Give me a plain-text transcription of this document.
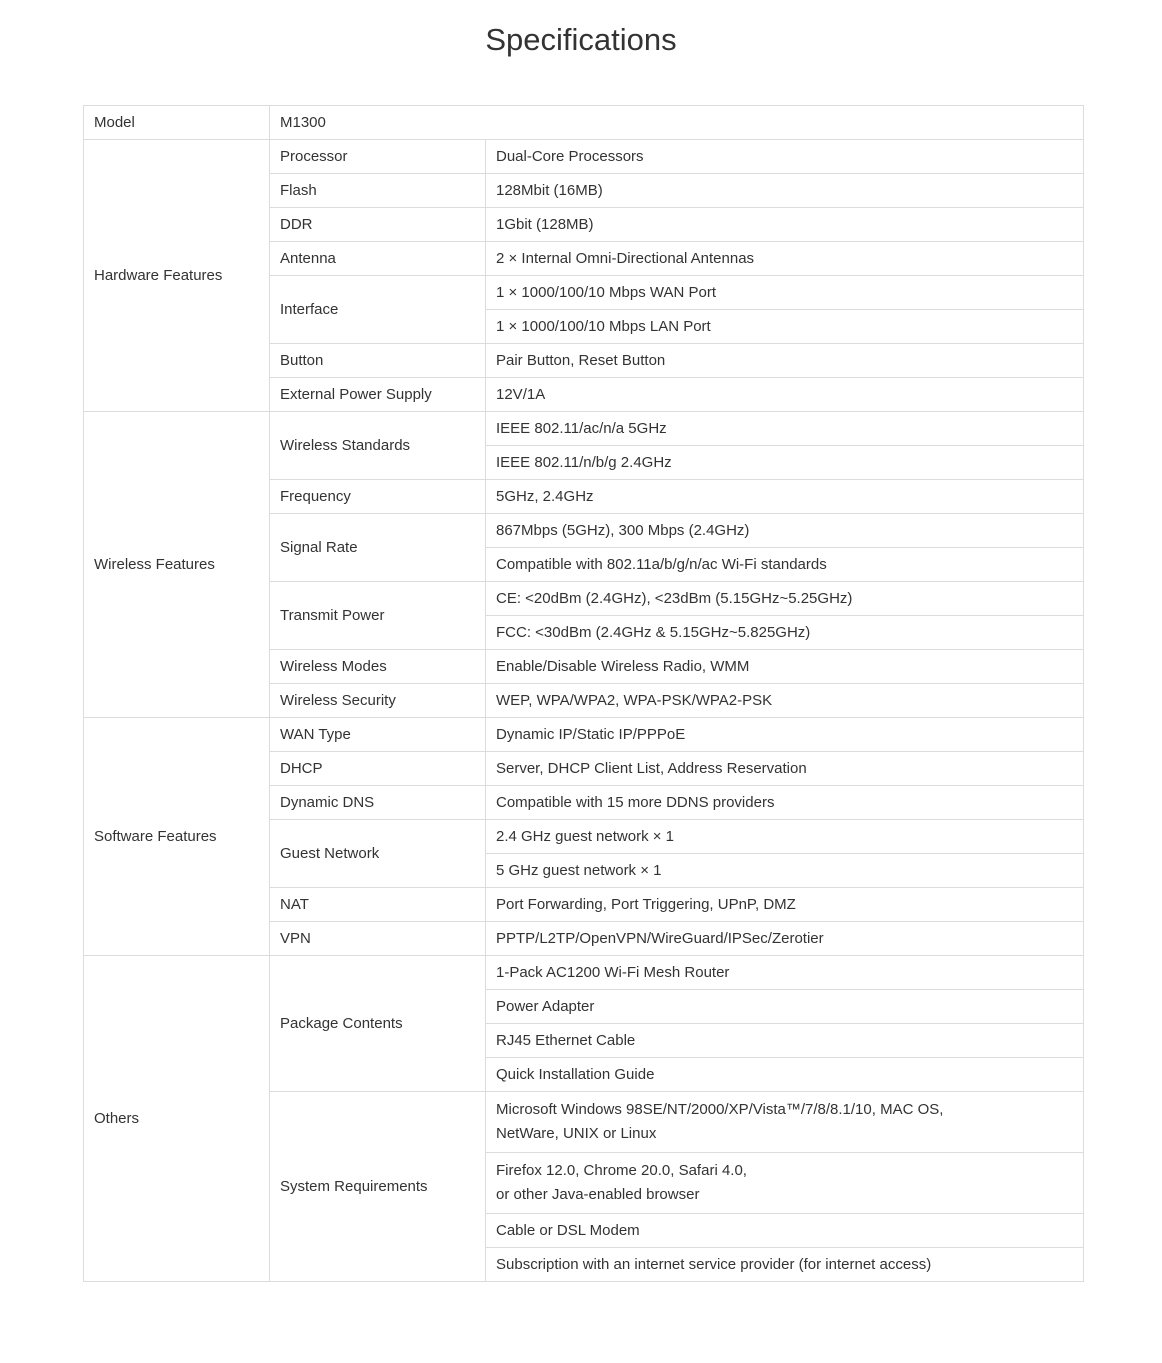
Specifications
Model	M1300	
Hardware Features	Processor	Dual-Core Processors
	Flash	128Mbit (16MB)
	DDR	1Gbit (128MB)
	Antenna	2 × Internal Omni-Directional Antennas
	Interface	1 × 1000/100/10 Mbps WAN Port
		1 × 1000/100/10 Mbps LAN Port
	Button	Pair Button, Reset Button
	External Power Supply	12V/1A
Wireless Features	Wireless Standards	IEEE 802.11/ac/n/a 5GHz
		IEEE 802.11/n/b/g 2.4GHz
	Frequency	5GHz, 2.4GHz
	Signal Rate	867Mbps (5GHz), 300 Mbps (2.4GHz)
		Compatible with 802.11a/b/g/n/ac Wi-Fi standards
	Transmit Power	CE: <20dBm (2.4GHz), <23dBm (5.15GHz~5.25GHz)
		FCC: <30dBm (2.4GHz & 5.15GHz~5.825GHz)
	Wireless Modes	Enable/Disable Wireless Radio, WMM
	Wireless Security	WEP, WPA/WPA2, WPA-PSK/WPA2-PSK
Software Features	WAN Type	Dynamic IP/Static IP/PPPoE
	DHCP	Server, DHCP Client List, Address Reservation
	Dynamic DNS	Compatible with 15 more DDNS providers
	Guest Network	2.4 GHz guest network × 1
		5 GHz guest network × 1
	NAT	Port Forwarding, Port Triggering, UPnP, DMZ
	VPN	PPTP/L2TP/OpenVPN/WireGuard/IPSec/Zerotier
Others	Package Contents	1-Pack AC1200 Wi-Fi Mesh Router
		Power Adapter
		RJ45 Ethernet Cable
		Quick Installation Guide
	System Requirements	Microsoft Windows 98SE/NT/2000/XP/Vista™/7/8/8.1/10, MAC OS,
NetWare, UNIX or Linux

		Firefox 12.0, Chrome 20.0, Safari 4.0,
or other Java-enabled browser

		Cable or DSL Modem
		Subscription with an internet service provider (for internet access)
